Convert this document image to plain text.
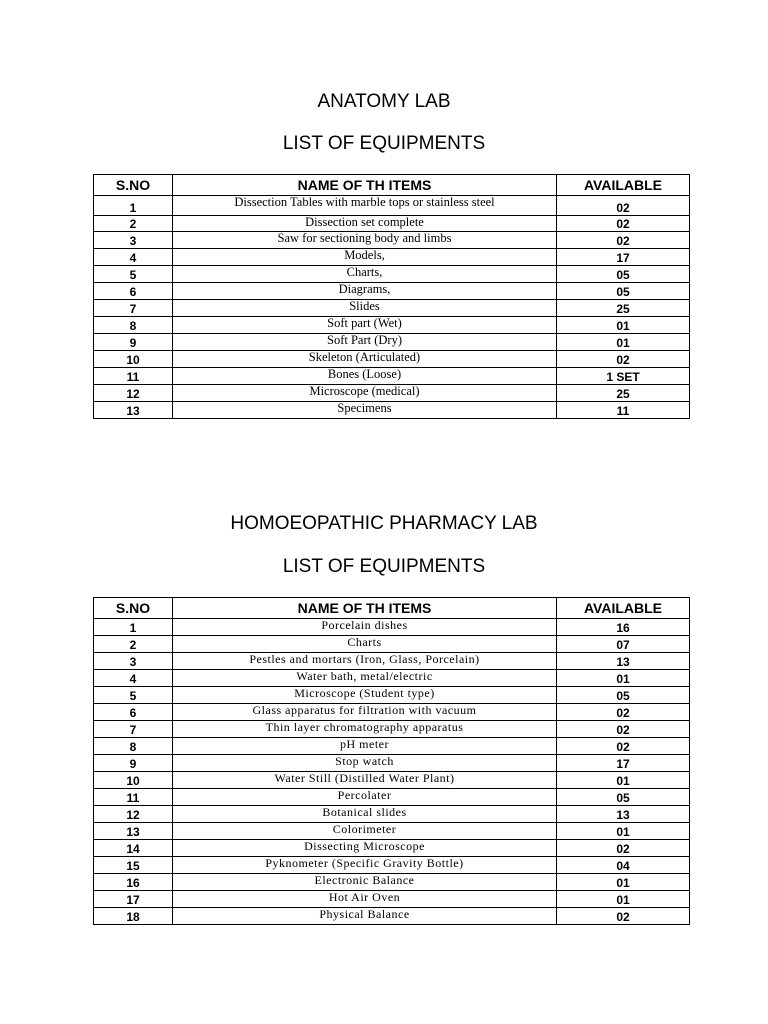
ANATOMY LAB
LIST OF EQUIPMENTS
S.NO	NAME OF TH ITEMS	AVAILABLE
1	Dissection Tables with marble tops or stainless steel	02
2	Dissection set complete	02
3	Saw for sectioning body and limbs	02
4	Models,	17
5	Charts,	05
6	Diagrams,	05
7	Slides	25
8	Soft part (Wet)	01
9	Soft Part (Dry)	01
10	Skeleton (Articulated)	02
11	Bones (Loose)	1 SET
12	Microscope (medical)	25
13	Specimens	11
HOMOEOPATHIC PHARMACY LAB
LIST OF EQUIPMENTS
S.NO	NAME OF TH ITEMS	AVAILABLE
1	Porcelain dishes	16
2	Charts	07
3	Pestles and mortars (Iron, Glass, Porcelain)	13
4	Water bath, metal/electric	01
5	Microscope (Student type)	05
6	Glass apparatus for filtration with vacuum	02
7	Thin layer chromatography apparatus	02
8	pH meter	02
9	Stop watch	17
10	Water Still (Distilled Water Plant)	01
11	Percolater	05
12	Botanical slides	13
13	Colorimeter	01
14	Dissecting Microscope	02
15	Pyknometer (Specific Gravity Bottle)	04
16	Electronic Balance	01
17	Hot Air Oven	01
18	Physical Balance	02
